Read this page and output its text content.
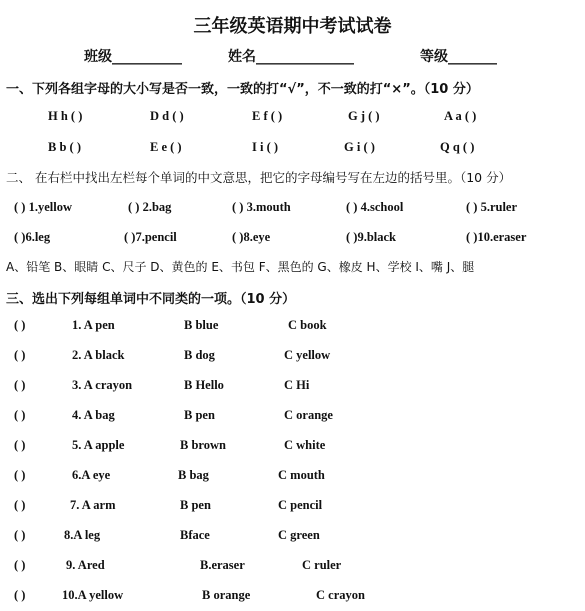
三年级英语期中考试试卷
班级__________	姓名______________	等级_______
一、下列各组字母的大小写是否一致，一致的打“√”，不一致的打“×”。（10 分）
H h ( )	D d ( )	E f ( )	G j ( )	A a ( )
B b ( )	E e ( )	I i ( )	G i ( )	Q q ( )
二、 在右栏中找出左栏每个单词的中文意思，把它的字母编号写在左边的括号里。（10 分）
( ) 1.yellow	( ) 2.bag	( ) 3.mouth	( ) 4.school	( ) 5.ruler
( )6.leg	( )7.pencil	( )8.eye	( )9.black	( )10.eraser
A、铅笔 B、眼睛 C、尺子 D、黄色的 E、书包 F、黑色的 G、橡皮 H、学校 I、嘴 J、腿
三、选出下列每组单词中不同类的一项。（10 分）
( )	1. A pen	B blue	C book
( )	2. A black	B dog	C yellow
( )	3. A crayon	B Hello	C Hi
( )	4. A bag	B pen	C orange
( )	5. A apple	B brown	C white
( )	6.A eye	B bag	C mouth
( )	7. A arm	B pen	C pencil
( )	8.A leg	Bface	C green
( )	9. Ared	B.eraser	C ruler
( )	10.A yellow	B orange	C crayon
